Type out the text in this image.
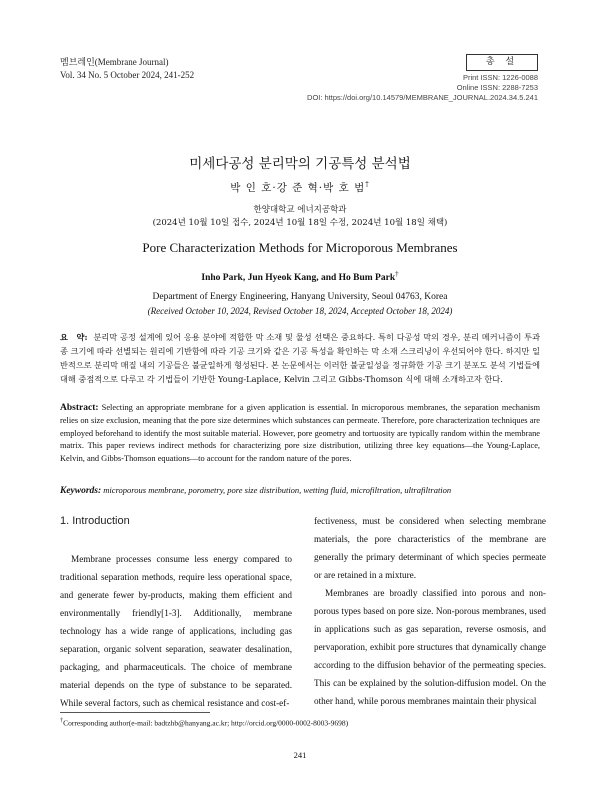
멤브레인(Membrane Journal)
Vol. 34 No. 5 October 2024, 241-252
총 설
Print ISSN: 1226-0088
Online ISSN: 2288-7253
DOI: https://doi.org/10.14579/MEMBRANE_JOURNAL.2024.34.5.241
미세다공성 분리막의 기공특성 분석법
박 인 호·강 준 혁·박 호 범†
한양대학교 에너지공학과
(2024년 10월 10일 접수, 2024년 10월 18일 수정, 2024년 10월 18일 채택)
Pore Characterization Methods for Microporous Membranes
Inho Park, Jun Hyeok Kang, and Ho Bum Park†
Department of Energy Engineering, Hanyang University, Seoul 04763, Korea
(Received October 10, 2024, Revised October 18, 2024, Accepted October 18, 2024)
요　약: 분리막 공정 설계에 있어 응용 분야에 적합한 막 소재 및 물성 선택은 중요하다. 특히 다공성 막의 경우, 분리 메커니즘이 투과 종 크기에 따라 선별되는 원리에 기반함에 따라 기공 크기와 같은 기공 특성을 확인하는 막 소재 스크리닝이 우선되어야 한다. 하지만 일반적으로 분리막 매질 내의 기공들은 불균일하게 형성된다. 본 논문에서는 이러한 불균일성을 정규화한 기공 크기 분포도 분석 기법들에 대해 중점적으로 다루고 각 기법들이 기반한 Young-Laplace, Kelvin 그리고 Gibbs-Thomson 식에 대해 소개하고자 한다.
Abstract: Selecting an appropriate membrane for a given application is essential. In microporous membranes, the separation mechanism relies on size exclusion, meaning that the pore size determines which substances can permeate. Therefore, pore characterization techniques are employed beforehand to identify the most suitable material. However, pore geometry and tortuosity are typically random within the membrane matrix. This paper reviews indirect methods for characterizing pore size distribution, utilizing three key equations—the Young-Laplace, Kelvin, and Gibbs-Thomson equations—to account for the random nature of the pores.
Keywords: microporous membrane, porometry, pore size distribution, wetting fluid, microfiltration, ultrafiltration
1. Introduction

Membrane processes consume less energy compared to traditional separation methods, require less operational space, and generate fewer by-products, making them efficient and environmentally friendly[1-3]. Additionally, membrane technology has a wide range of applications, including gas separation, organic solvent separation, seawater desalination, packaging, and pharmaceuticals. The choice of membrane material depends on the type of substance to be separated. While several factors, such as chemical resistance and cost-ef-

fectiveness, must be considered when selecting membrane materials, the pore characteristics of the membrane are generally the primary determinant of which species permeate or are retained in a mixture.

Membranes are broadly classified into porous and non-porous types based on pore size. Non-porous membranes, used in applications such as gas separation, reverse osmosis, and pervaporation, exhibit pore structures that dynamically change according to the diffusion behavior of the permeating species. This can be explained by the solution-diffusion model. On the other hand, while porous membranes maintain their physical

†Corresponding author(e-mail: badtzhb@hanyang.ac.kr; http://orcid.org/0000-0002-8003-9698)
241
